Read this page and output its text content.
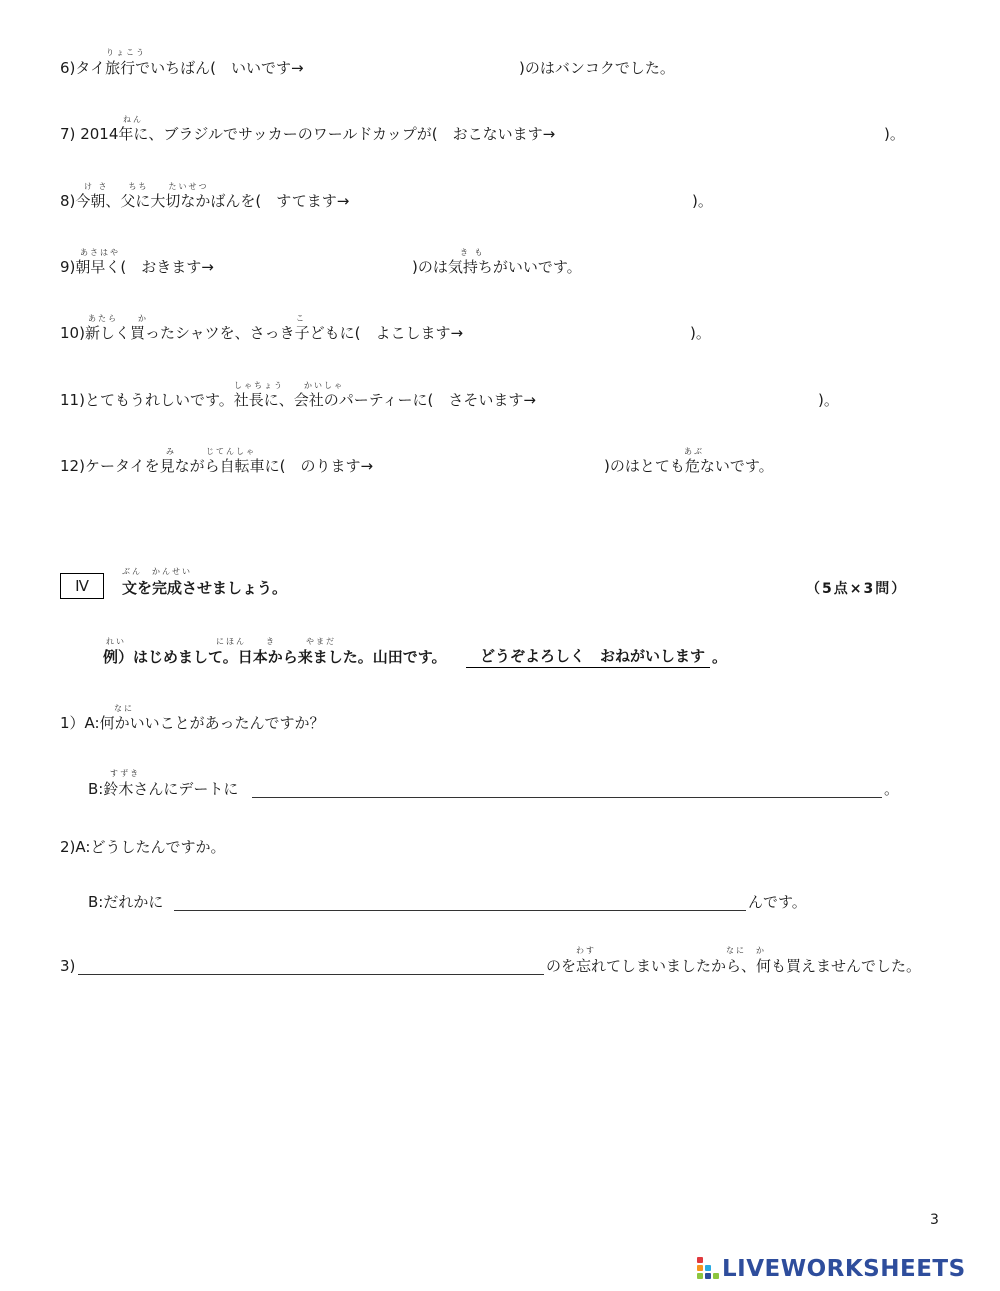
りょこう
6)タイ旅行でいちばん(　いいです→	)のはバンコクでした。
ねん
7) 2014年に、ブラジルでサッカーのワールドカップが(　おこないます→	)。
け さ　　ちち　　たいせつ
8)今朝、父に大切なかばんを(　すてます→	)。
あさはや	き も
9)朝早く(　おきます→	)のは気持ちがいいです。
あたら　　か	こ
10)新しく買ったシャツを、さっき子どもに(　よこします→	)。
しゃちょう　　かいしゃ
11)とてもうれしいです。社長に、会社のパーティーに(　さそいます→	)。
み　　　じてんしゃ	あぶ
12)ケータイを見ながら自転車に(　のります→	)のはとても危ないです。
Ⅳ
ぶん　かんせい
文を完成させましょう。	（5点×3問）
れい　　　　　　　　　にほん　　き　　　やまだ
例）はじめまして。日本から来ました。山田です。	どうぞよろしく　おねがいします 。
なに
1）A:何かいいことがあったんですか？
すずき
B:鈴木さんにデートに	。
2)A:どうしたんですか。
B:だれかに	んです。
わす　　　　　　　　　　　　　なに　か
3)	のを忘れてしまいましたから、何も買えませんでした。
3
LIVEWORKSHEETS
